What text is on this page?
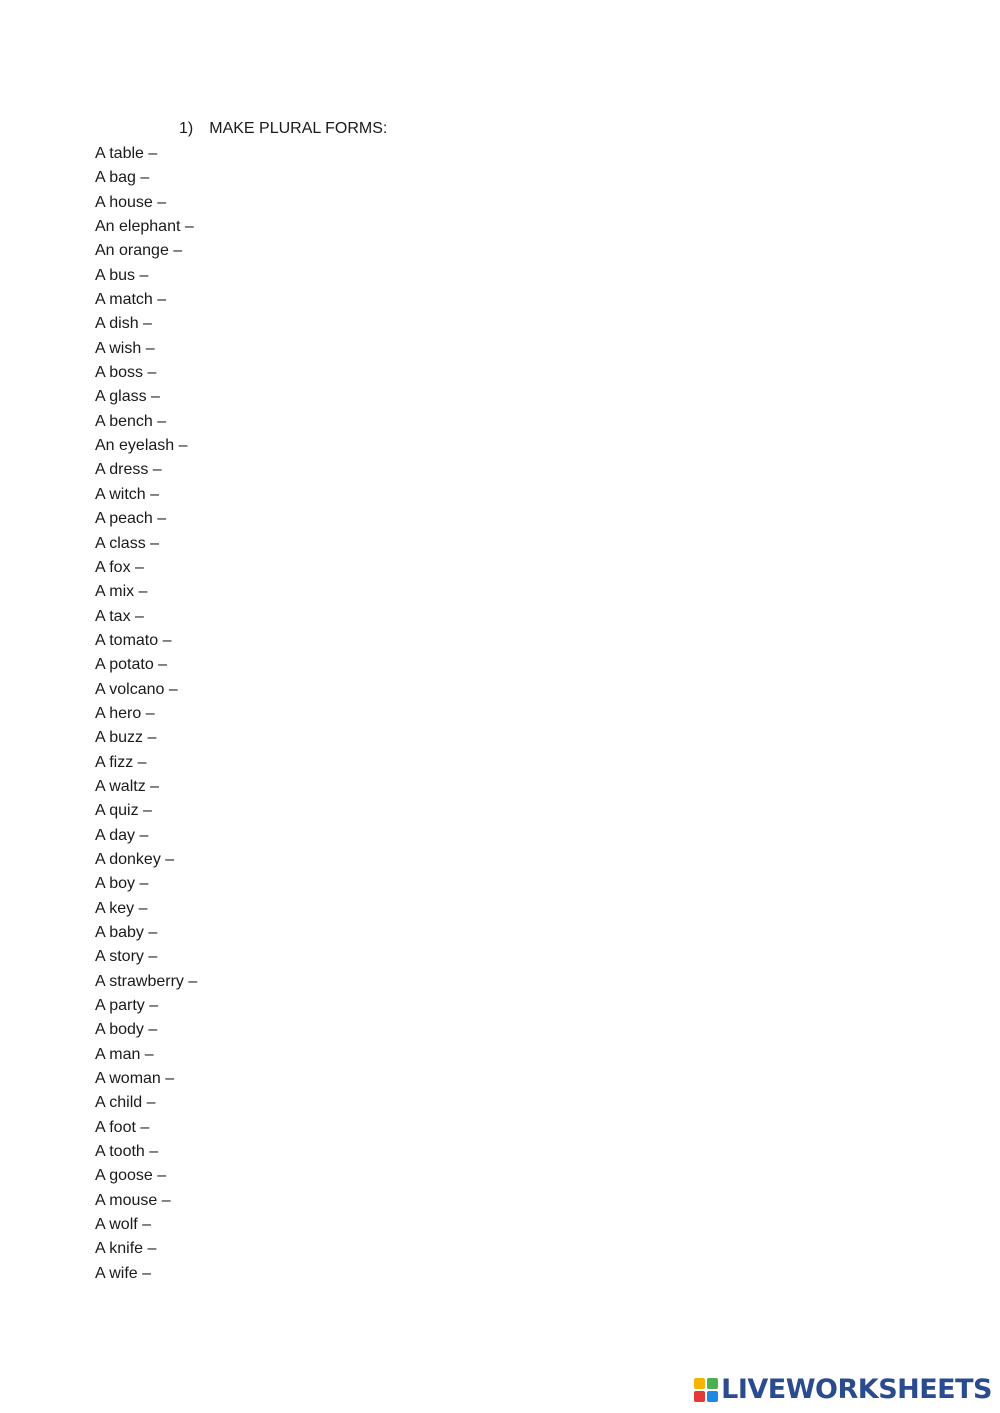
1) MAKE PLURAL FORMS:
A table –
A bag –
A house –
An elephant –
An orange –
A bus –
A match –
A dish –
A wish –
A boss –
A glass –
A bench –
An eyelash –
A dress –
A witch –
A peach –
A class –
A fox –
A mix –
A tax –
A tomato –
A potato –
A volcano –
A hero –
A buzz –
A fizz –
A waltz –
A quiz –
A day –
A donkey –
A boy –
A key –
A baby –
A story –
A strawberry –
A party –
A body –
A man –
A woman –
A child –
A foot –
A tooth –
A goose –
A mouse –
A wolf –
A knife –
A wife –
LIVEWORKSHEETS
